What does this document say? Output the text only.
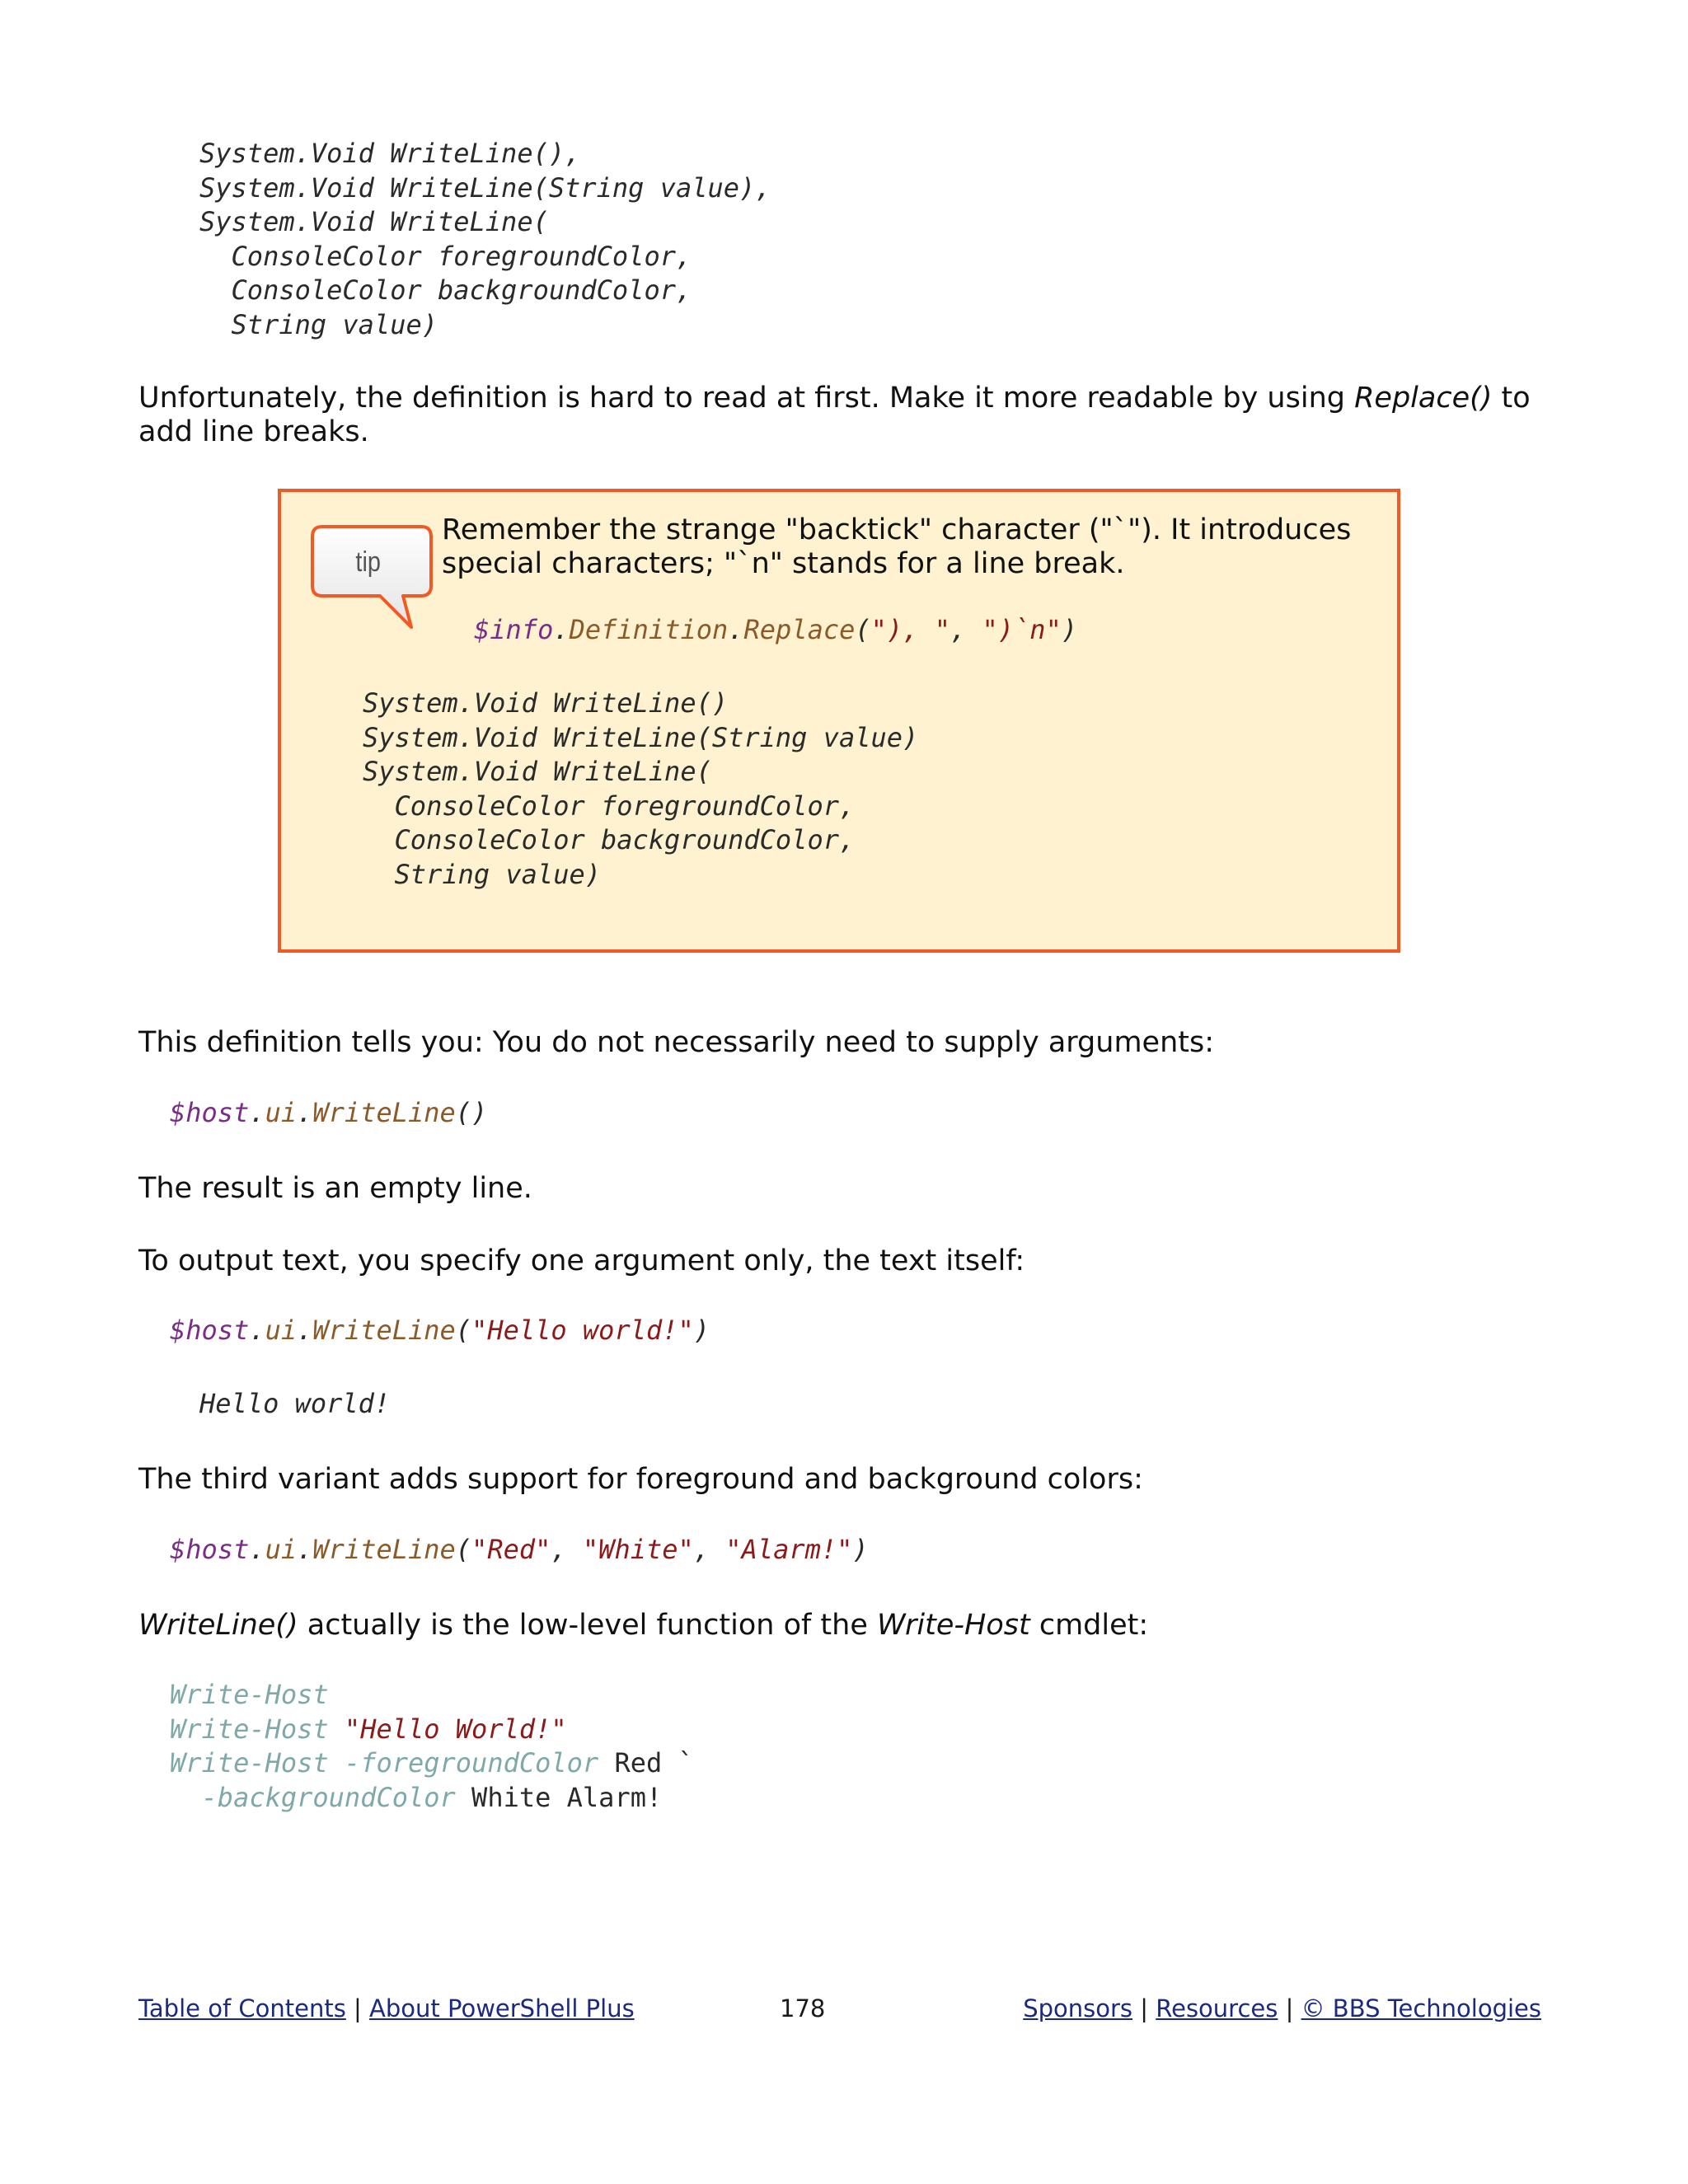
System.Void WriteLine(),
System.Void WriteLine(String value),
System.Void WriteLine(
ConsoleColor foregroundColor,
ConsoleColor backgroundColor,
String value)

Unfortunately, the definition is hard to read at first. Make it more readable by using Replace() to add line breaks.

tip

Remember the strange "backtick" character ("`"). It introduces special characters; "`n" stands for a line break.

$info.Definition.Replace("), ", ")`n")
System.Void WriteLine()
System.Void WriteLine(String value)
System.Void WriteLine(
ConsoleColor foregroundColor,
ConsoleColor backgroundColor,
String value)

This definition tells you: You do not necessarily need to supply arguments:

$host.ui.WriteLine()

The result is an empty line.

To output text, you specify one argument only, the text itself:

$host.ui.WriteLine("Hello world!")
Hello world!

The third variant adds support for foreground and background colors:

$host.ui.WriteLine("Red", "White", "Alarm!")

WriteLine() actually is the low-level function of the Write-Host cmdlet:

Write-Host
Write-Host "Hello World!"
Write-Host -foregroundColor Red `
-backgroundColor White Alarm!
Table of Contents | About PowerShell Plus	178	Sponsors | Resources | © BBS Technologies
